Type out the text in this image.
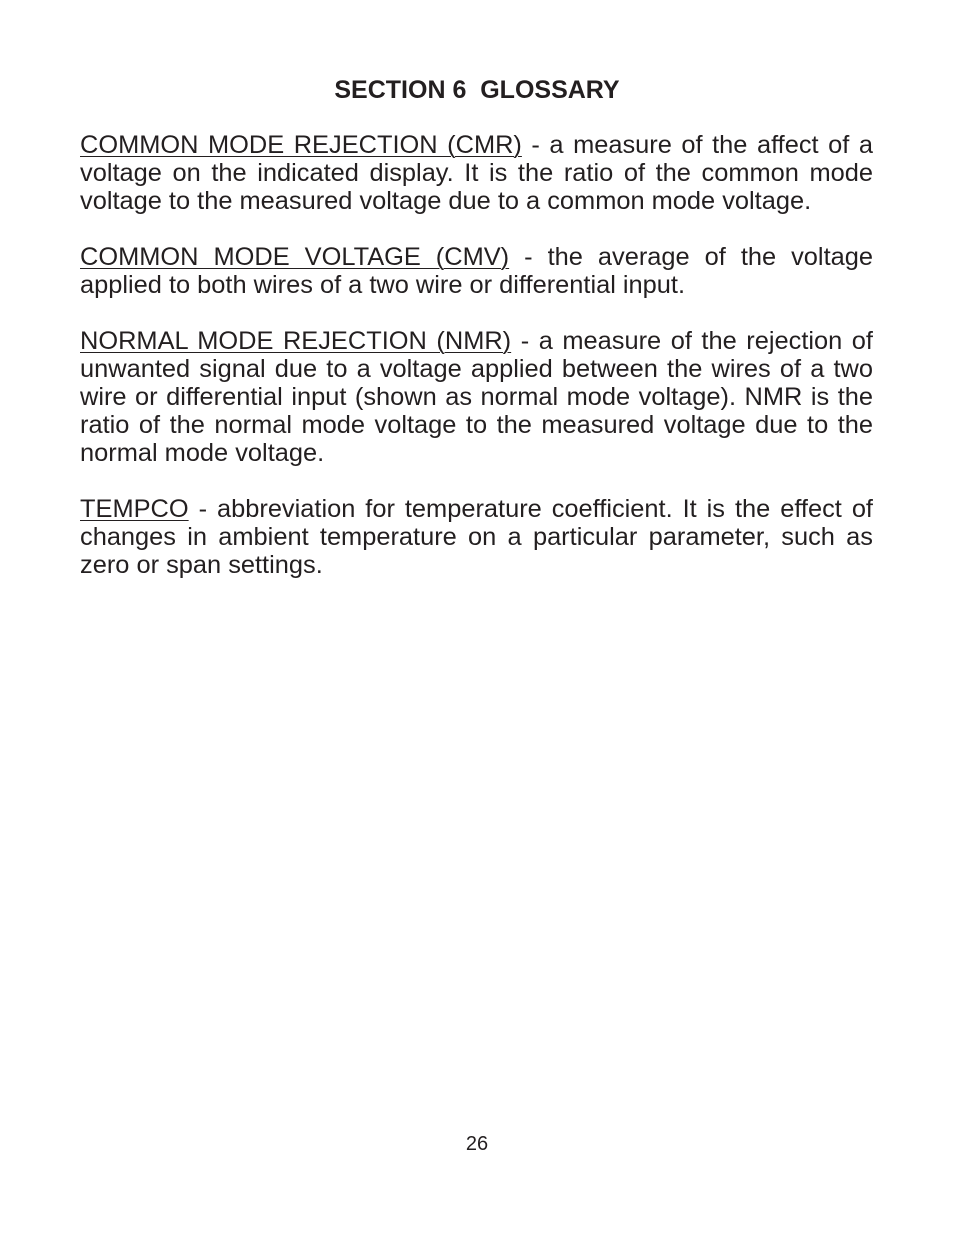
SECTION 6  GLOSSARY

COMMON MODE REJECTION (CMR) - a measure of the affect of a voltage on the indicated display. It is the ratio of the common mode voltage to the measured voltage due to a common mode voltage.

COMMON MODE VOLTAGE (CMV) - the average of the voltage applied to both wires of a two wire or differential input.

NORMAL MODE REJECTION (NMR) - a measure of the rejection of unwanted signal due to a voltage applied between the wires of a two wire or differential input (shown as normal mode voltage). NMR is the ratio of the normal mode voltage to the measured voltage due to the normal mode voltage.

TEMPCO - abbreviation for temperature coefficient. It is the effect of changes in ambient temperature on a particular parameter, such as zero or span settings.

26
